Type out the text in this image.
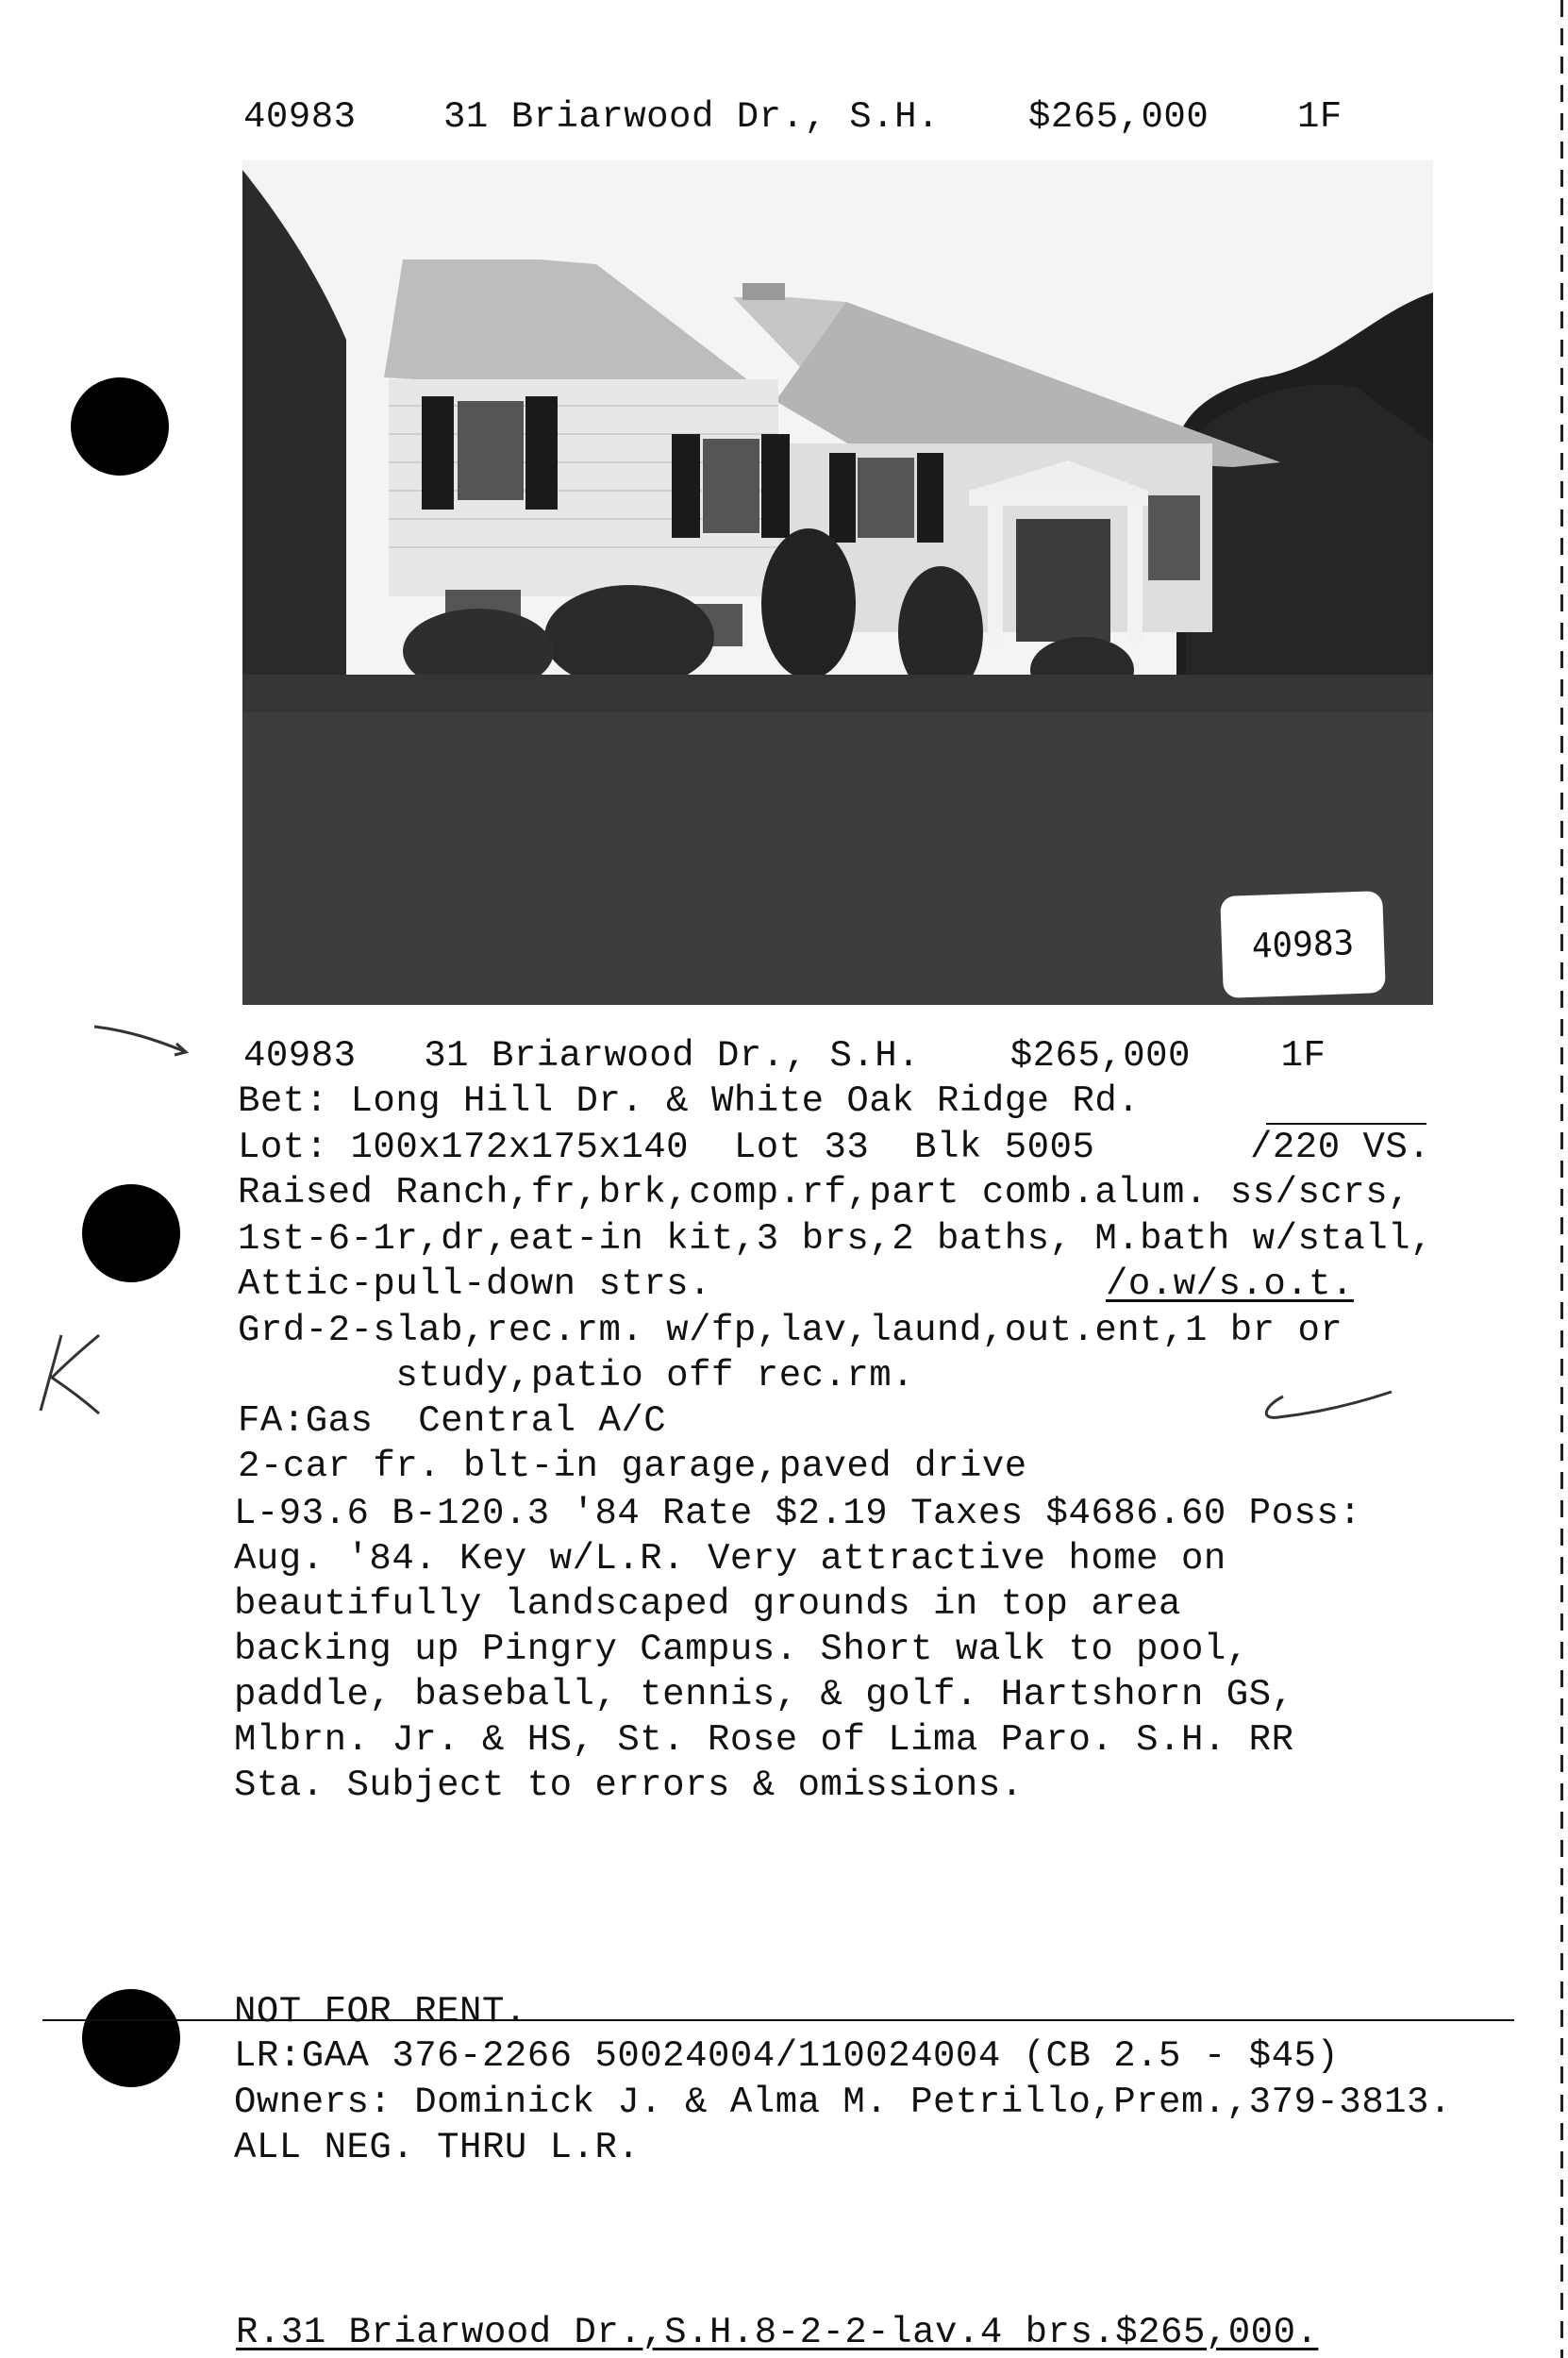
40983 31 Briarwood Dr., S.H. $265,000 1F
40983
40983   31 Briarwood Dr., S.H.    $265,000    1F
Bet: Long Hill Dr. & White Oak Ridge Rd.
Lot: 100x172x175x140  Lot 33  Blk 5005	/220 VS.
Raised Ranch,fr,brk,comp.rf,part comb.alum. ss/scrs,
1st-6-1r,dr,eat-in kit,3 brs,2 baths, M.bath w/stall,
Attic-pull-down strs.	/o.w/s.o.t.
Grd-2-slab,rec.rm. w/fp,lav,laund,out.ent,1 br or
study,patio off rec.rm.
FA:Gas  Central A/C
2-car fr. blt-in garage,paved drive
L-93.6 B-120.3 '84 Rate $2.19 Taxes $4686.60 Poss:
Aug. '84. Key w/L.R. Very attractive home on
beautifully landscaped grounds in top area
backing up Pingry Campus. Short walk to pool,
paddle, baseball, tennis, & golf. Hartshorn GS,
Mlbrn. Jr. & HS, St. Rose of Lima Paro. S.H. RR
Sta. Subject to errors & omissions.
NOT FOR RENT.
LR:GAA 376-2266 50024004/110024004 (CB 2.5 - $45)
Owners: Dominick J. & Alma M. Petrillo,Prem.,379-3813.
ALL NEG. THRU L.R.
R.31 Briarwood Dr.,S.H.8-2-2-lav.4 brs.$265,000.
